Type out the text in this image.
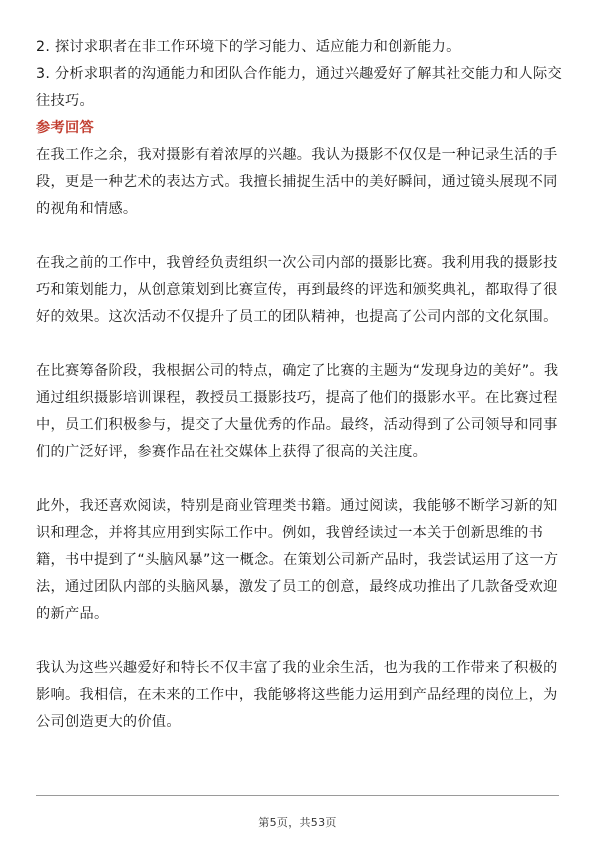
2. 探讨求职者在非工作环境下的学习能力、适应能力和创新能力。
3. 分析求职者的沟通能力和团队合作能力，通过兴趣爱好了解其社交能力和人际交
往技巧。
参考回答
在我工作之余，我对摄影有着浓厚的兴趣。我认为摄影不仅仅是一种记录生活的手
段，更是一种艺术的表达方式。我擅长捕捉生活中的美好瞬间，通过镜头展现不同
的视角和情感。
在我之前的工作中，我曾经负责组织一次公司内部的摄影比赛。我利用我的摄影技
巧和策划能力，从创意策划到比赛宣传，再到最终的评选和颁奖典礼，都取得了很
好的效果。这次活动不仅提升了员工的团队精神，也提高了公司内部的文化氛围。
在比赛筹备阶段，我根据公司的特点，确定了比赛的主题为“发现身边的美好”。我
通过组织摄影培训课程，教授员工摄影技巧，提高了他们的摄影水平。在比赛过程
中，员工们积极参与，提交了大量优秀的作品。最终，活动得到了公司领导和同事
们的广泛好评，参赛作品在社交媒体上获得了很高的关注度。
此外，我还喜欢阅读，特别是商业管理类书籍。通过阅读，我能够不断学习新的知
识和理念，并将其应用到实际工作中。例如，我曾经读过一本关于创新思维的书
籍，书中提到了“头脑风暴”这一概念。在策划公司新产品时，我尝试运用了这一方
法，通过团队内部的头脑风暴，激发了员工的创意，最终成功推出了几款备受欢迎
的新产品。
我认为这些兴趣爱好和特长不仅丰富了我的业余生活，也为我的工作带来了积极的
影响。我相信，在未来的工作中，我能够将这些能力运用到产品经理的岗位上，为
公司创造更大的价值。
第5页，共53页
